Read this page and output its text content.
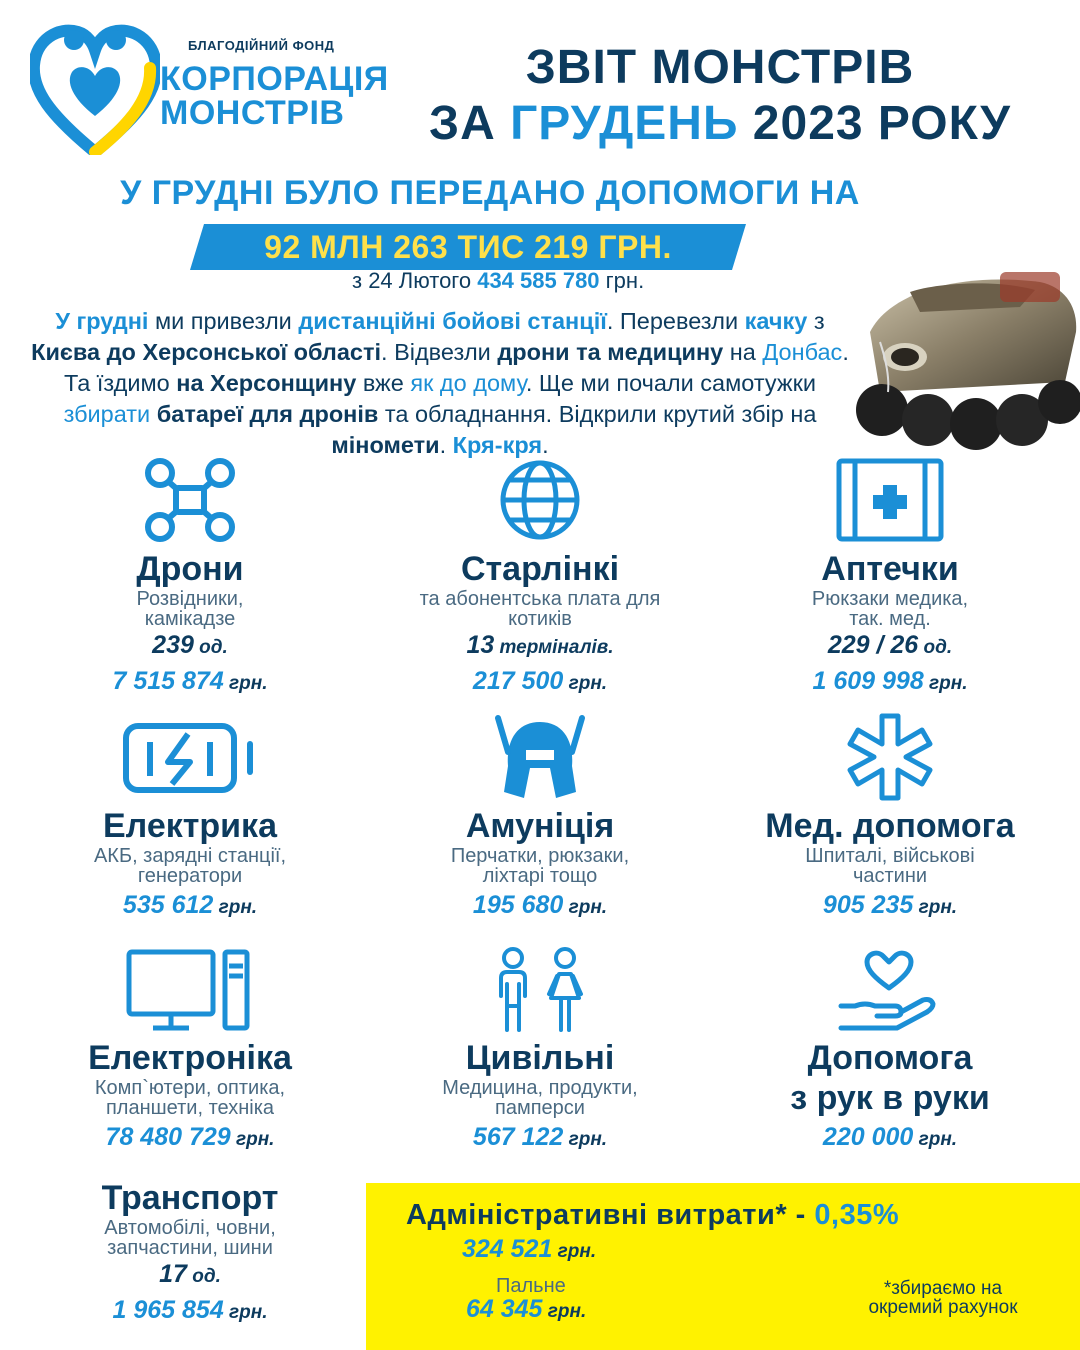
БЛАГОДІЙНИЙ ФОНД
КОРПОРАЦІЯ
МОНСТРІВ
ЗВІТ МОНСТРІВ
ЗА ГРУДЕНЬ 2023 РОКУ
У ГРУДНІ БУЛО ПЕРЕДАНО ДОПОМОГИ НА
92 МЛН 263 ТИС 219 ГРН.
з 24 Лютого 434 585 780 грн.
У грудні ми привезли дистанційні бойові станції. Перевезли качку з Києва до Херсонської області. Відвезли дрони та медицину на Донбас. Та їздимо на Херсонщину вже як до дому. Ще ми почали самотужки збирати батареї для дронів та обладнання. Відкрили крутий збір на міномети. Кря-кря.
Дрони
Розвідники,
камікадзе
239 од.
7 515 874 грн.
Старлінкі
та абонентська плата для
котиків
13 терміналів.
217 500 грн.
Аптечки
Рюкзаки медика,
так. мед.
229 / 26 од.
1 609 998 грн.
Електрика
АКБ, зарядні станції,
генератори
535 612 грн.
Амуніція
Перчатки, рюкзаки,
ліхтарі тощо
195 680 грн.
Мед. допомога
Шпиталі, військові
частини
905 235 грн.
Електроніка
Комп`ютери, оптика,
планшети, техніка
78 480 729 грн.
Цивільні
Медицина, продукти,
памперси
567 122 грн.
Допомога
з рук в руки
220 000 грн.
Транспорт
Автомобілі, човни,
запчастини, шини
17 од.
1 965 854 грн.
Адміністративні витрати* - 0,35%
324 521 грн.
Пальне
64 345 грн.
*збираємо на
окремий рахунок
